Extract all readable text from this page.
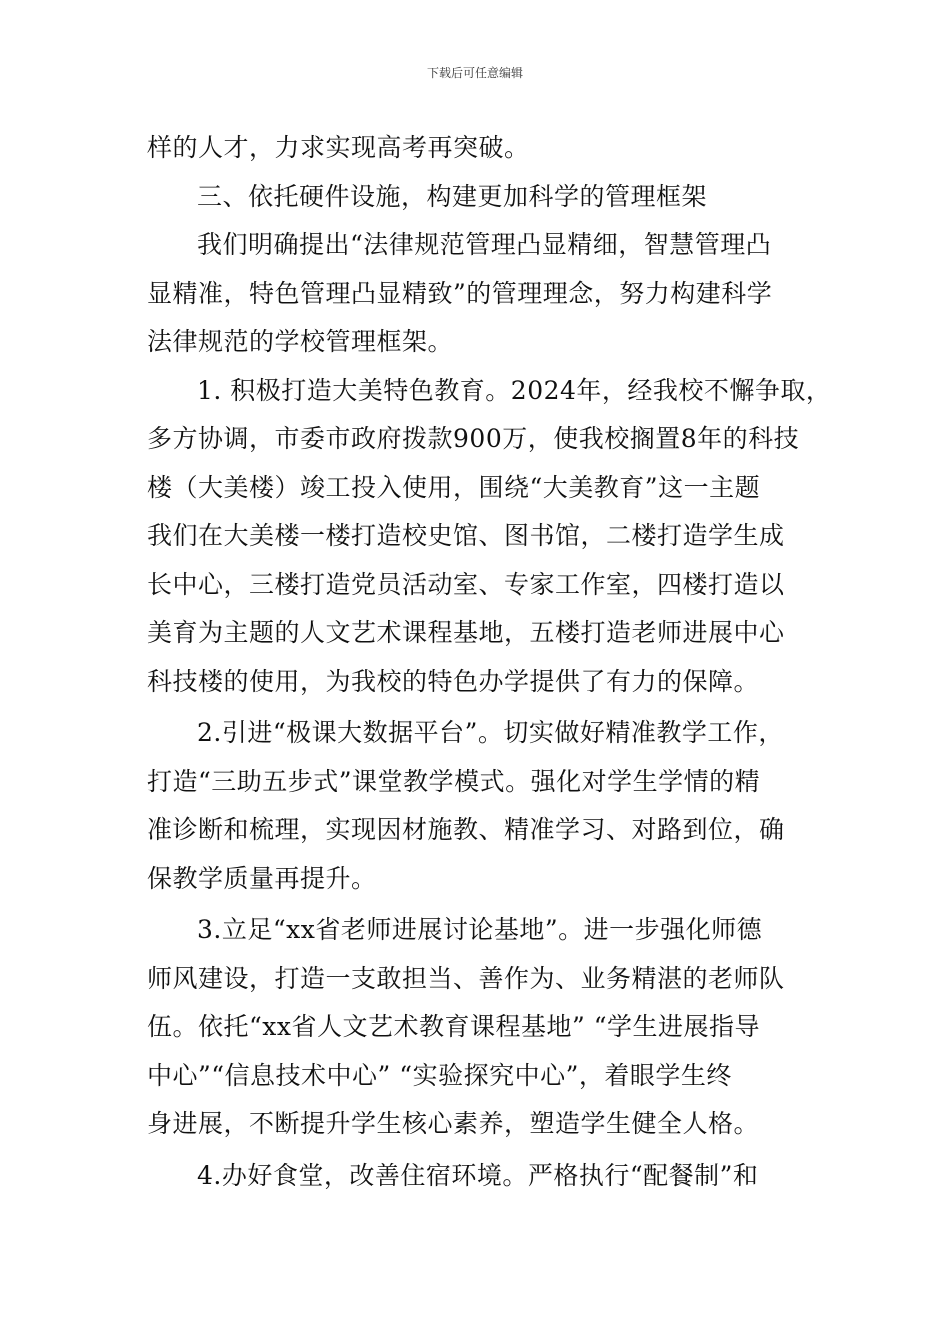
下载后可任意编辑
样的人才，力求实现高考再突破。
三、依托硬件设施，构建更加科学的管理框架
我们明确提出“法律规范管理凸显精细，智慧管理凸
显精准，特色管理凸显精致”的管理理念，努力构建科学
法律规范的学校管理框架。
1. 积极打造大美特色教育。2024年，经我校不懈争取，
多方协调，市委市政府拨款900万，使我校搁置8年的科技
楼（大美楼）竣工投入使用，围绕“大美教育”这一主题
我们在大美楼一楼打造校史馆、图书馆，二楼打造学生成
长中心，三楼打造党员活动室、专家工作室，四楼打造以
美育为主题的人文艺术课程基地，五楼打造老师进展中心
科技楼的使用，为我校的特色办学提供了有力的保障。
2.引进“极课大数据平台”。切实做好精准教学工作，
打造“三助五步式”课堂教学模式。强化对学生学情的精
准诊断和梳理，实现因材施教、精准学习、对路到位，确
保教学质量再提升。
3.立足“xx省老师进展讨论基地”。进一步强化师德
师风建设，打造一支敢担当、善作为、业务精湛的老师队
伍。依托“xx省人文艺术教育课程基地” “学生进展指导
中心”“信息技术中心” “实验探究中心”，着眼学生终
身进展，不断提升学生核心素养，塑造学生健全人格。
4.办好食堂，改善住宿环境。严格执行“配餐制”和
